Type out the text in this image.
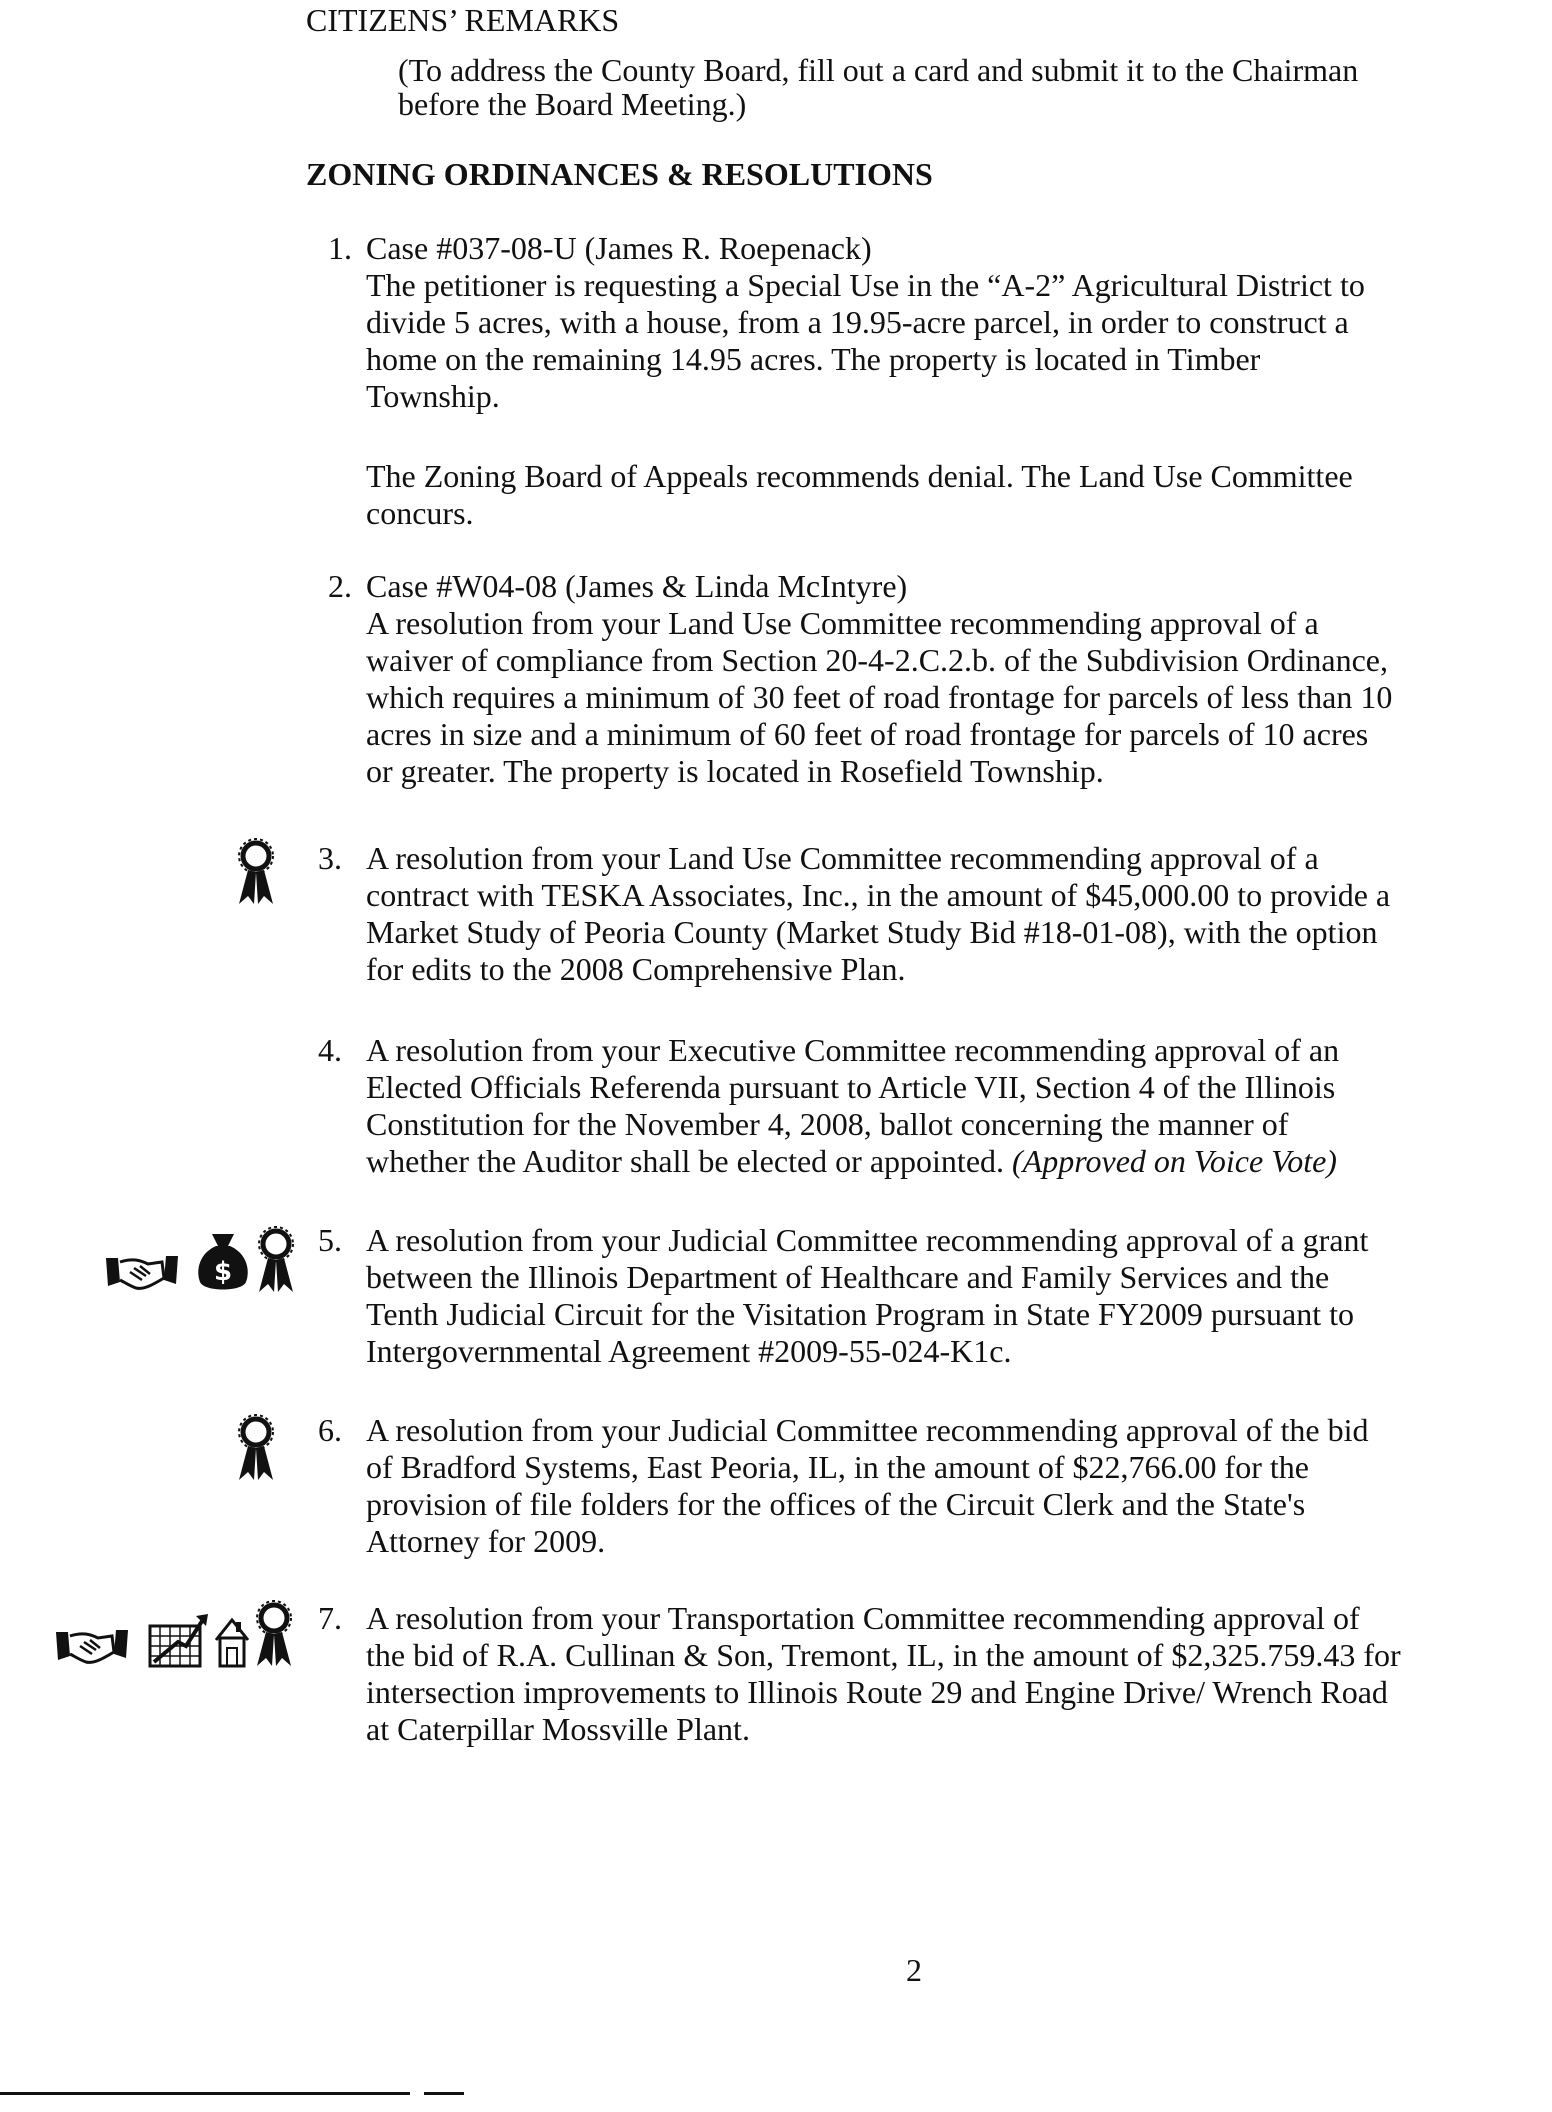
CITIZENS’ REMARKS
(To address the County Board, fill out a card and submit it to the Chairman
before the Board Meeting.)
ZONING ORDINANCES & RESOLUTIONS
1. Case #037-08-U (James R. Roepenack)
The petitioner is requesting a Special Use in the “A-2” Agricultural District to
divide 5 acres, with a house, from a 19.95-acre parcel, in order to construct a
home on the remaining 14.95 acres. The property is located in Timber
Township.
The Zoning Board of Appeals recommends denial. The Land Use Committee
concurs.
2. Case #W04-08 (James & Linda McIntyre)
A resolution from your Land Use Committee recommending approval of a
waiver of compliance from Section 20-4-2.C.2.b. of the Subdivision Ordinance,
which requires a minimum of 30 feet of road frontage for parcels of less than 10
acres in size and a minimum of 60 feet of road frontage for parcels of 10 acres
or greater. The property is located in Rosefield Township.
3. A resolution from your Land Use Committee recommending approval of a
contract with TESKA Associates, Inc., in the amount of $45,000.00 to provide a
Market Study of Peoria County (Market Study Bid #18-01-08), with the option
for edits to the 2008 Comprehensive Plan.
4. A resolution from your Executive Committee recommending approval of an
Elected Officials Referenda pursuant to Article VII, Section 4 of the Illinois
Constitution for the November 4, 2008, ballot concerning the manner of
whether the Auditor shall be elected or appointed. (Approved on Voice Vote)
$
5. A resolution from your Judicial Committee recommending approval of a grant
between the Illinois Department of Healthcare and Family Services and the
Tenth Judicial Circuit for the Visitation Program in State FY2009 pursuant to
Intergovernmental Agreement #2009-55-024-K1c.
6. A resolution from your Judicial Committee recommending approval of the bid
of Bradford Systems, East Peoria, IL, in the amount of $22,766.00 for the
provision of file folders for the offices of the Circuit Clerk and the State's
Attorney for 2009.
7. A resolution from your Transportation Committee recommending approval of
the bid of R.A. Cullinan & Son, Tremont, IL, in the amount of $2,325.759.43 for
intersection improvements to Illinois Route 29 and Engine Drive/ Wrench Road
at Caterpillar Mossville Plant.
2
